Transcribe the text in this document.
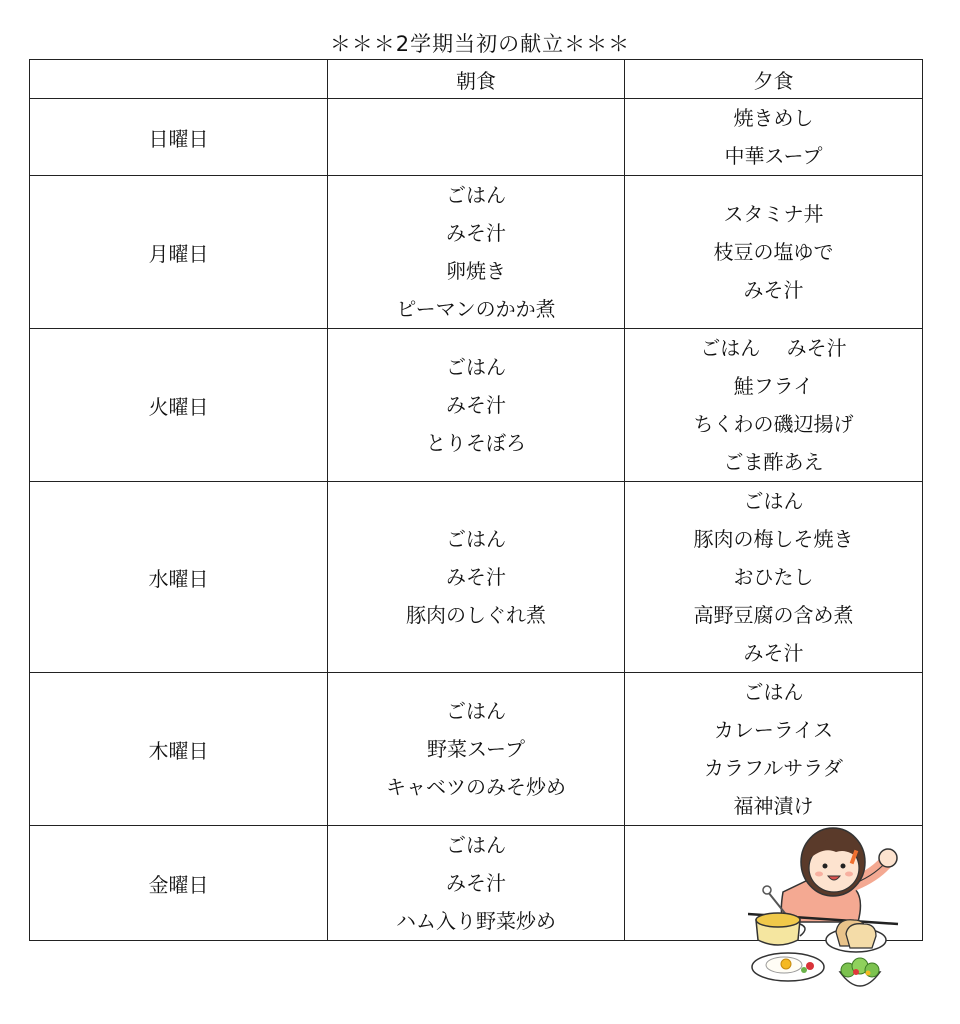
＊＊＊2学期当初の献立＊＊＊
	朝食	夕食
日曜日		焼きめし
中華スープ

月曜日	ごはん
みそ汁
卵焼き
ピーマンのかか煮	スタミナ丼
枝豆の塩ゆで
みそ汁

火曜日	ごはん
みそ汁
とりそぼろ	ごはん　 みそ汁
鮭フライ
ちくわの磯辺揚げ
ごま酢あえ

水曜日	ごはん
みそ汁
豚肉のしぐれ煮	ごはん
豚肉の梅しそ焼き
おひたし
高野豆腐の含め煮
みそ汁

木曜日	ごはん
野菜スープ
キャベツのみそ炒め	ごはん
カレーライス
カラフルサラダ
福神漬け

金曜日	ごはん
みそ汁
ハム入り野菜炒め	
